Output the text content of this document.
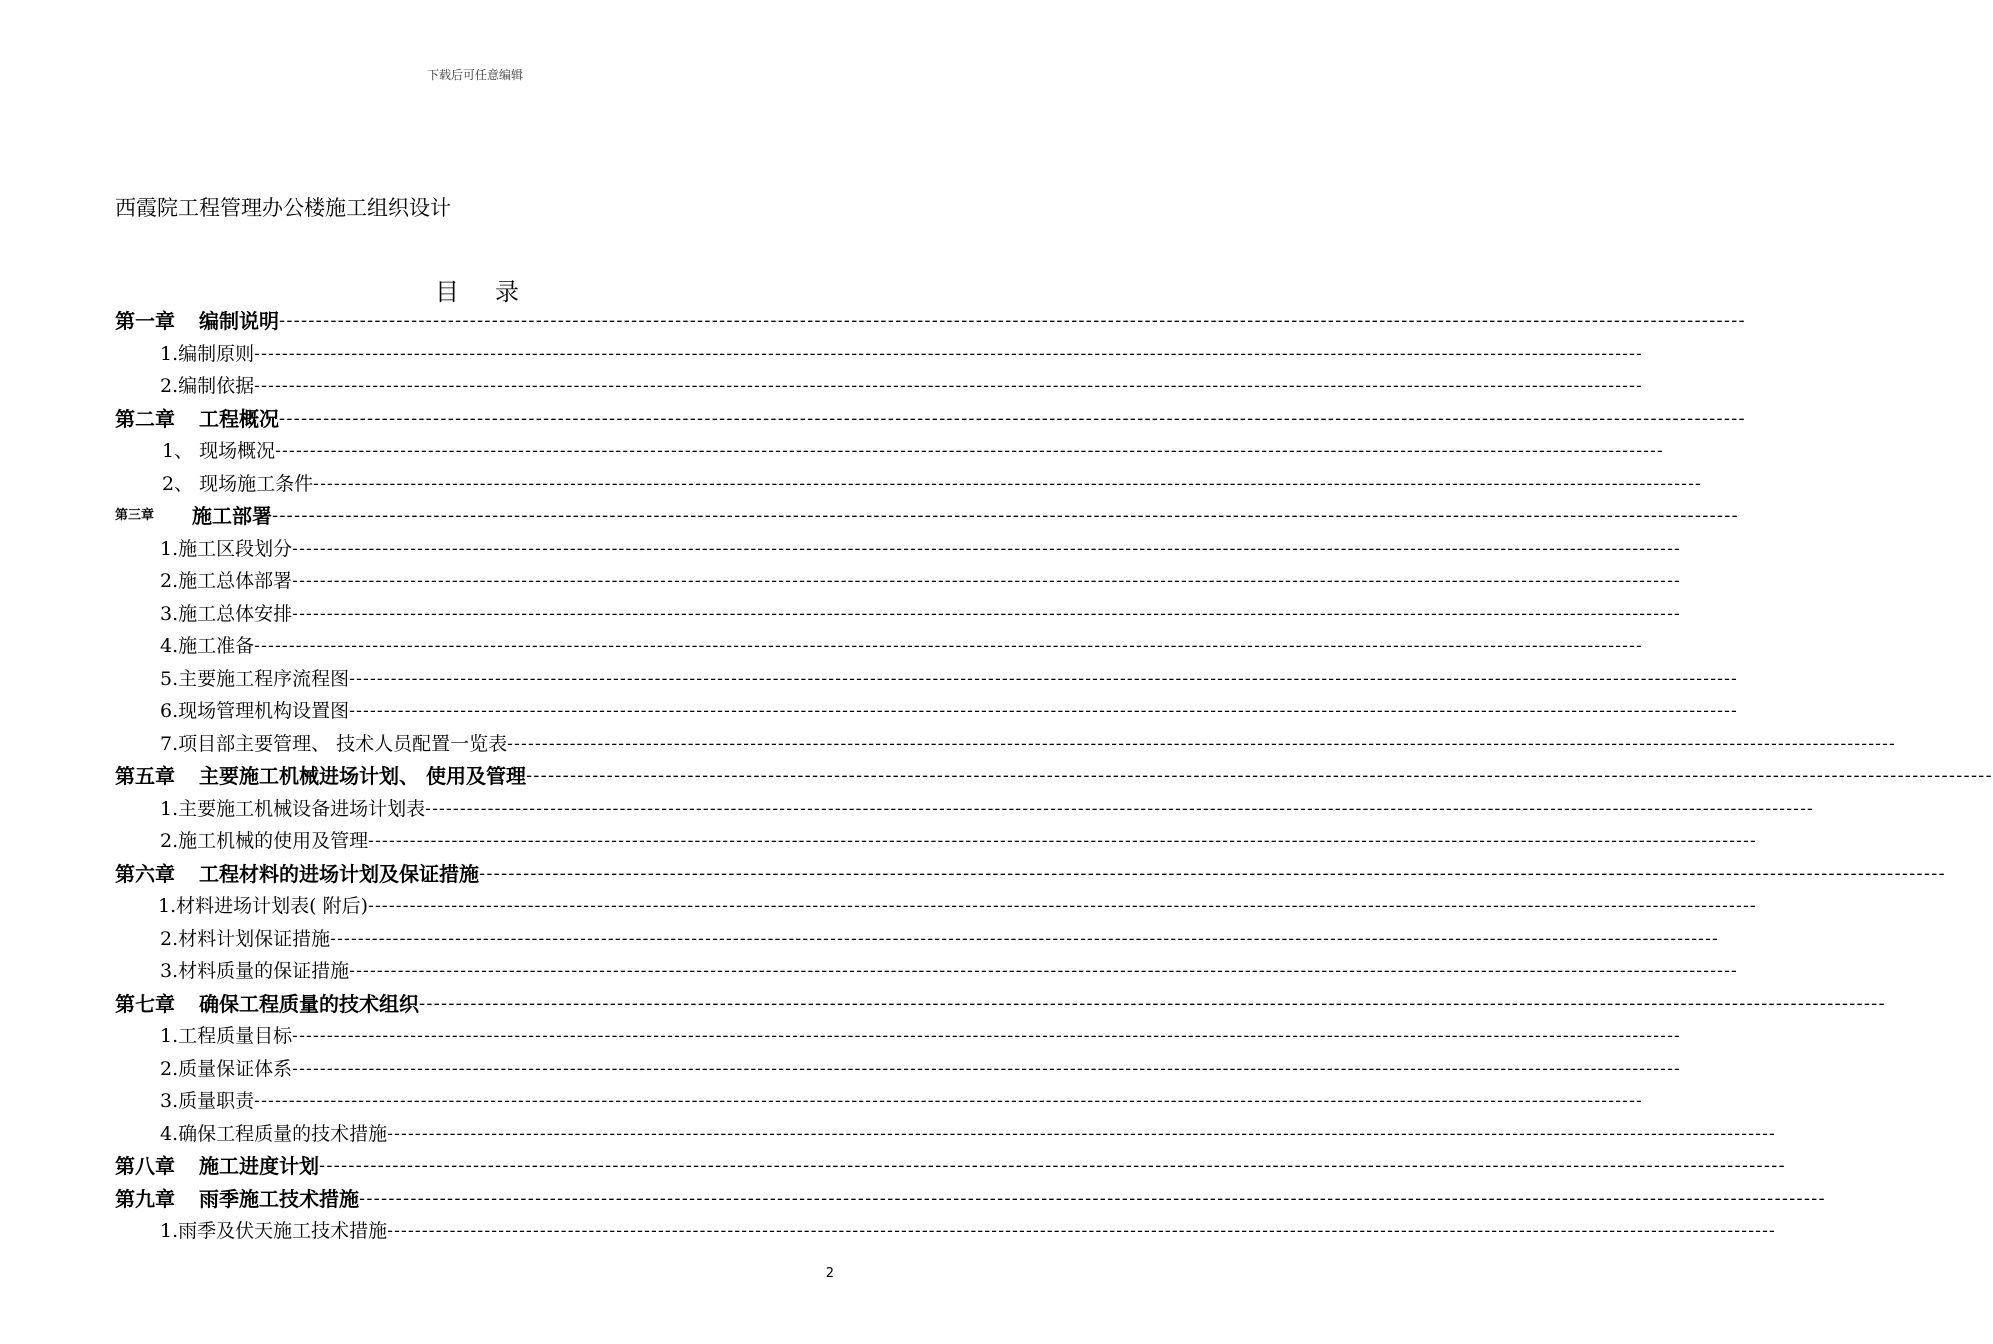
下载后可任意编辑
西霞院工程管理办公楼施工组织设计
目 录
第一章 编制说明 --------------------------------------------------------------------------------------------------------------------------------------------------------------------------------------------------------
1.编制原则 --------------------------------------------------------------------------------------------------------------------------------------------------------------------------------------------------------
2.编制依据 --------------------------------------------------------------------------------------------------------------------------------------------------------------------------------------------------------
第二章 工程概况 --------------------------------------------------------------------------------------------------------------------------------------------------------------------------------------------------------
1、 现场概况 --------------------------------------------------------------------------------------------------------------------------------------------------------------------------------------------------------
2、 现场施工条件 --------------------------------------------------------------------------------------------------------------------------------------------------------------------------------------------------------
第三章 施工部署 --------------------------------------------------------------------------------------------------------------------------------------------------------------------------------------------------------
1.施工区段划分 --------------------------------------------------------------------------------------------------------------------------------------------------------------------------------------------------------
2.施工总体部署 --------------------------------------------------------------------------------------------------------------------------------------------------------------------------------------------------------
3.施工总体安排 --------------------------------------------------------------------------------------------------------------------------------------------------------------------------------------------------------
4.施工准备 --------------------------------------------------------------------------------------------------------------------------------------------------------------------------------------------------------
5.主要施工程序流程图 --------------------------------------------------------------------------------------------------------------------------------------------------------------------------------------------------------
6.现场管理机构设置图 --------------------------------------------------------------------------------------------------------------------------------------------------------------------------------------------------------
7.项目部主要管理、 技术人员配置一览表 --------------------------------------------------------------------------------------------------------------------------------------------------------------------------------------------------------
第五章 主要施工机械进场计划、 使用及管理 --------------------------------------------------------------------------------------------------------------------------------------------------------------------------------------------------------
1.主要施工机械设备进场计划表 --------------------------------------------------------------------------------------------------------------------------------------------------------------------------------------------------------
2.施工机械的使用及管理 --------------------------------------------------------------------------------------------------------------------------------------------------------------------------------------------------------
第六章 工程材料的进场计划及保证措施 --------------------------------------------------------------------------------------------------------------------------------------------------------------------------------------------------------
1.材料进场计划表( 附后) --------------------------------------------------------------------------------------------------------------------------------------------------------------------------------------------------------
2.材料计划保证措施 --------------------------------------------------------------------------------------------------------------------------------------------------------------------------------------------------------
3.材料质量的保证措施 --------------------------------------------------------------------------------------------------------------------------------------------------------------------------------------------------------
第七章 确保工程质量的技术组织 --------------------------------------------------------------------------------------------------------------------------------------------------------------------------------------------------------
1.工程质量目标 --------------------------------------------------------------------------------------------------------------------------------------------------------------------------------------------------------
2.质量保证体系 --------------------------------------------------------------------------------------------------------------------------------------------------------------------------------------------------------
3.质量职责 --------------------------------------------------------------------------------------------------------------------------------------------------------------------------------------------------------
4.确保工程质量的技术措施 --------------------------------------------------------------------------------------------------------------------------------------------------------------------------------------------------------
第八章 施工进度计划 --------------------------------------------------------------------------------------------------------------------------------------------------------------------------------------------------------
第九章 雨季施工技术措施 --------------------------------------------------------------------------------------------------------------------------------------------------------------------------------------------------------
1.雨季及伏天施工技术措施 --------------------------------------------------------------------------------------------------------------------------------------------------------------------------------------------------------
2
